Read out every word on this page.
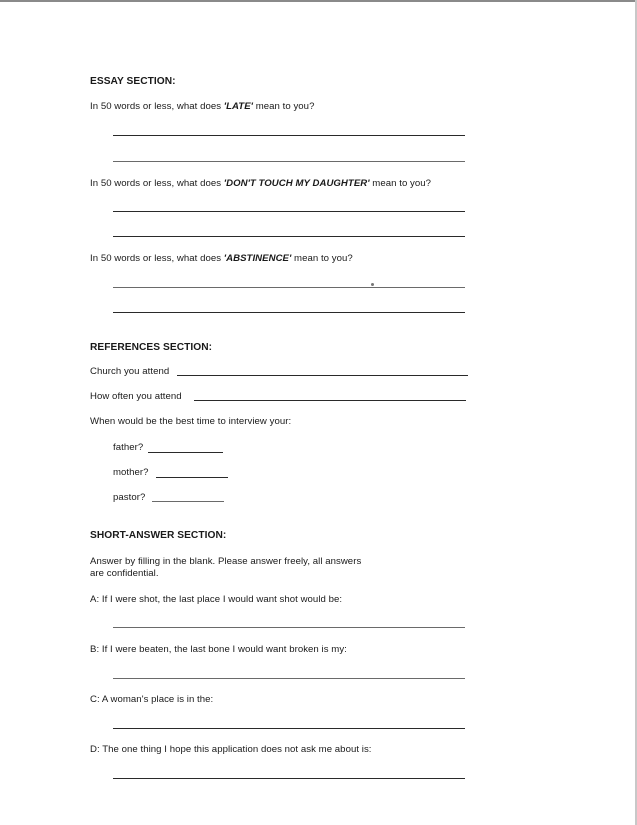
ESSAY SECTION:
In 50 words or less, what does 'LATE' mean to you?
In 50 words or less, what does 'DON'T TOUCH MY DAUGHTER' mean to you?
In 50 words or less, what does 'ABSTINENCE' mean to you?
REFERENCES SECTION:
Church you attend
How often you attend
When would be the best time to interview your:
father?
mother?
pastor?
SHORT-ANSWER SECTION:
Answer by filling in the blank. Please answer freely, all answers
are confidential.
A: If I were shot, the last place I would want shot would be:
B: If I were beaten, the last bone I would want broken is my:
C: A woman's place is in the:
D: The one thing I hope this application does not ask me about is:
